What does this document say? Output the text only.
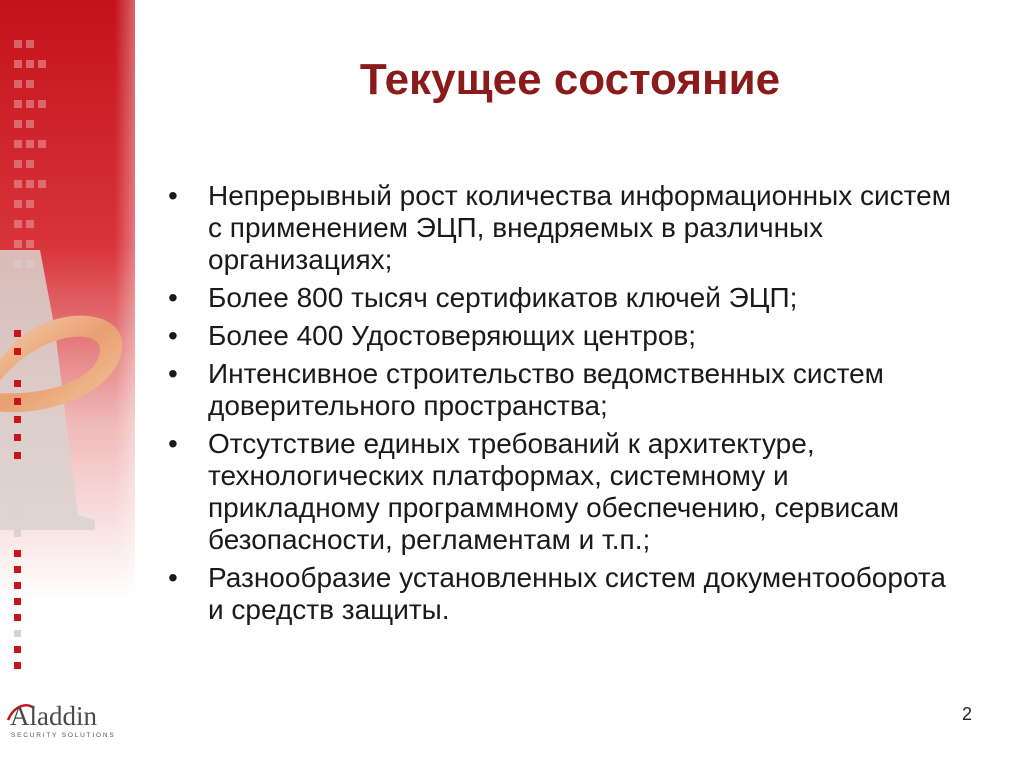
Текущее состояние
•	Непрерывный рост количества информационных систем с применением ЭЦП, внедряемых в различных организациях;
•	Более 800 тысяч сертификатов ключей ЭЦП;
•	Более 400 Удостоверяющих центров;
•	Интенсивное строительство ведомственных систем доверительного пространства;
•	Отсутствие единых требований к архитектуре, технологических платформах, системному и прикладному программному обеспечению, сервисам безопасности, регламентам и т.п.;
•	Разнообразие установленных систем документооборота и средств защиты.
Aladdin
SECURITY SOLUTIONS
2
